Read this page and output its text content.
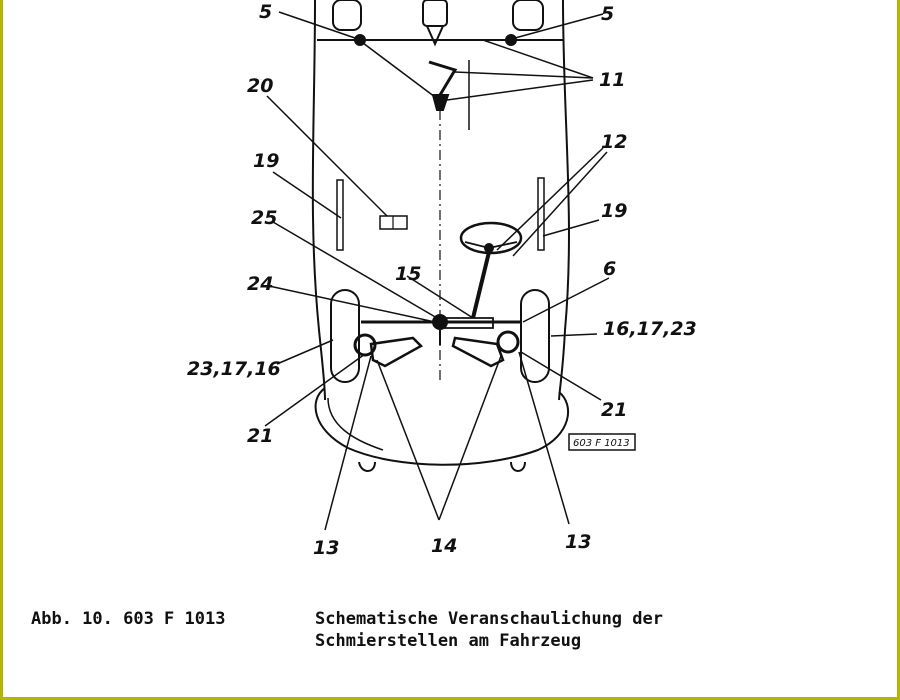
5	5
11
12
20
19
19
25
15	6
24
16,17,23
23,17,16
21
21
13	13
14
603 F 1013
Abb. 10. 603 F 1013	Schematische Veranschaulichung der
Schmierstellen am Fahrzeug
